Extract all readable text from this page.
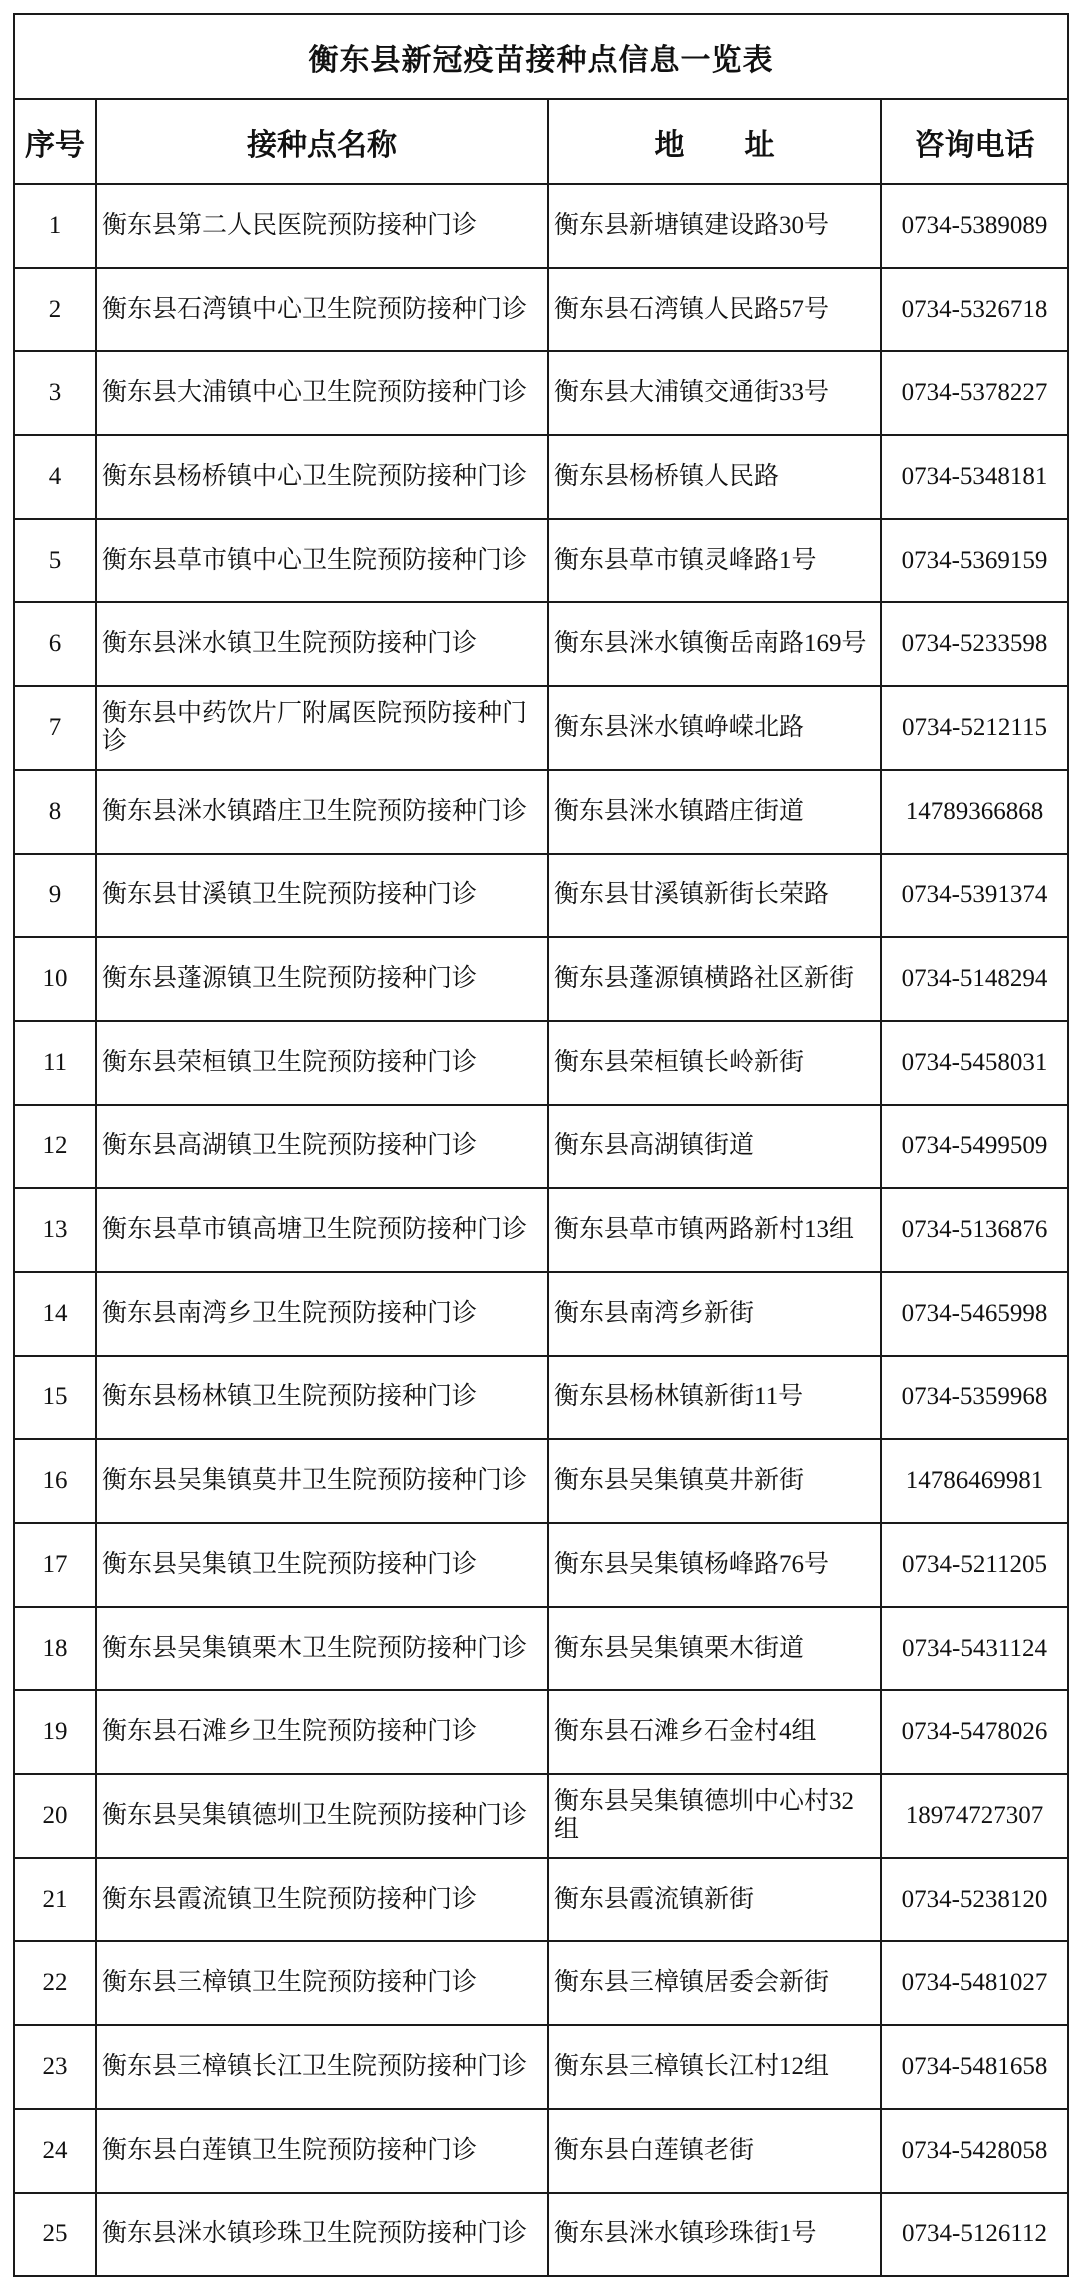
衡东县新冠疫苗接种点信息一览表			
序号	接种点名称	地　　址	咨询电话
1	衡东县第二人民医院预防接种门诊	衡东县新塘镇建设路30号	0734-5389089
2	衡东县石湾镇中心卫生院预防接种门诊	衡东县石湾镇人民路57号	0734-5326718
3	衡东县大浦镇中心卫生院预防接种门诊	衡东县大浦镇交通街33号	0734-5378227
4	衡东县杨桥镇中心卫生院预防接种门诊	衡东县杨桥镇人民路	0734-5348181
5	衡东县草市镇中心卫生院预防接种门诊	衡东县草市镇灵峰路1号	0734-5369159
6	衡东县洣水镇卫生院预防接种门诊	衡东县洣水镇衡岳南路169号	0734-5233598
7	衡东县中药饮片厂附属医院预防接种门诊	衡东县洣水镇峥嵘北路	0734-5212115
8	衡东县洣水镇踏庄卫生院预防接种门诊	衡东县洣水镇踏庄街道	14789366868
9	衡东县甘溪镇卫生院预防接种门诊	衡东县甘溪镇新街长荣路	0734-5391374
10	衡东县蓬源镇卫生院预防接种门诊	衡东县蓬源镇横路社区新街	0734-5148294
11	衡东县荣桓镇卫生院预防接种门诊	衡东县荣桓镇长岭新街	0734-5458031
12	衡东县高湖镇卫生院预防接种门诊	衡东县高湖镇街道	0734-5499509
13	衡东县草市镇高塘卫生院预防接种门诊	衡东县草市镇两路新村13组	0734-5136876
14	衡东县南湾乡卫生院预防接种门诊	衡东县南湾乡新街	0734-5465998
15	衡东县杨林镇卫生院预防接种门诊	衡东县杨林镇新街11号	0734-5359968
16	衡东县吴集镇莫井卫生院预防接种门诊	衡东县吴集镇莫井新街	14786469981
17	衡东县吴集镇卫生院预防接种门诊	衡东县吴集镇杨峰路76号	0734-5211205
18	衡东县吴集镇栗木卫生院预防接种门诊	衡东县吴集镇栗木街道	0734-5431124
19	衡东县石滩乡卫生院预防接种门诊	衡东县石滩乡石金村4组	0734-5478026
20	衡东县吴集镇德圳卫生院预防接种门诊	衡东县吴集镇德圳中心村32组	18974727307
21	衡东县霞流镇卫生院预防接种门诊	衡东县霞流镇新街	0734-5238120
22	衡东县三樟镇卫生院预防接种门诊	衡东县三樟镇居委会新街	0734-5481027
23	衡东县三樟镇长江卫生院预防接种门诊	衡东县三樟镇长江村12组	0734-5481658
24	衡东县白莲镇卫生院预防接种门诊	衡东县白莲镇老街	0734-5428058
25	衡东县洣水镇珍珠卫生院预防接种门诊	衡东县洣水镇珍珠街1号	0734-5126112
